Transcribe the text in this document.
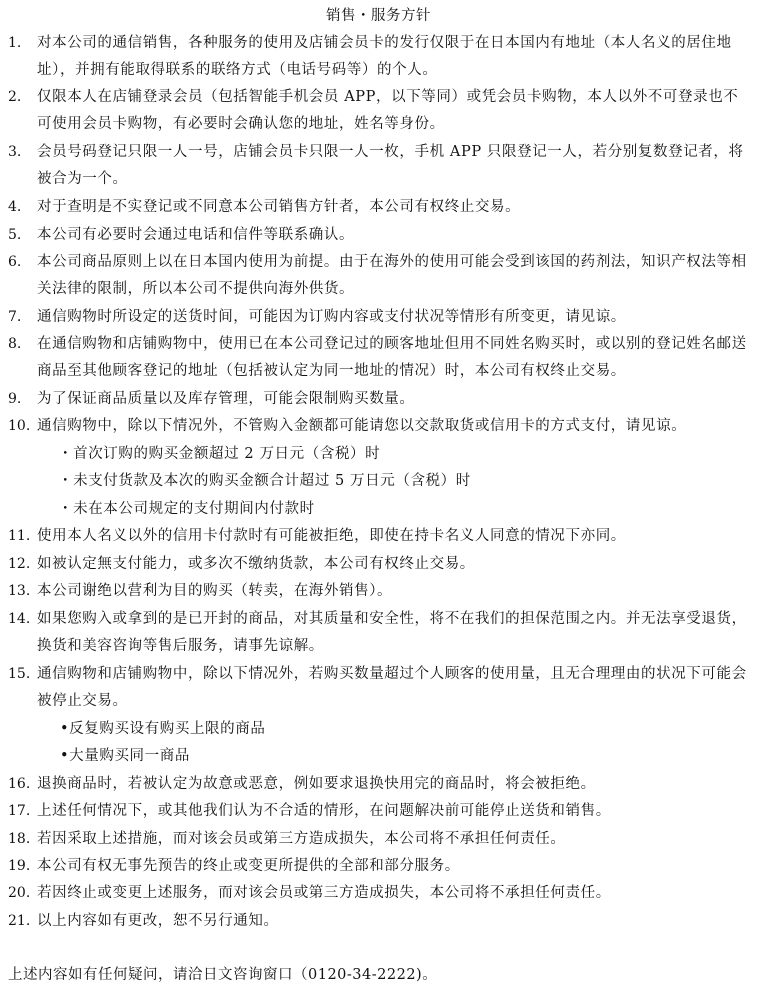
销售・服务方针
1.	对本公司的通信销售，各种服务的使用及店铺会员卡的发行仅限于在日本国内有地址（本人名义的居住地址），并拥有能取得联系的联络方式（电话号码等）的个人。
2.	仅限本人在店铺登录会员（包括智能手机会员 APP，以下等同）或凭会员卡购物，本人以外不可登录也不可使用会员卡购物，有必要时会确认您的地址，姓名等身份。
3.	会员号码登记只限一人一号，店铺会员卡只限一人一枚，手机 APP 只限登记一人，若分别复数登记者，将被合为一个。
4.	对于查明是不实登记或不同意本公司销售方针者，本公司有权终止交易。
5.	本公司有必要时会通过电话和信件等联系确认。
6.	本公司商品原则上以在日本国内使用为前提。由于在海外的使用可能会受到该国的药剂法，知识产权法等相关法律的限制，所以本公司不提供向海外供货。
7.	通信购物时所设定的送货时间，可能因为订购内容或支付状况等情形有所变更，请见谅。
8.	在通信购物和店铺购物中，使用已在本公司登记过的顾客地址但用不同姓名购买时，或以别的登记姓名邮送商品至其他顾客登记的地址（包括被认定为同一地址的情况）时，本公司有权终止交易。
9.	为了保证商品质量以及库存管理，可能会限制购买数量。
10. 通信购物中，除以下情况外，不管购入金额都可能请您以交款取货或信用卡的方式支付，请见谅。
・首次订购的购买金额超过 2 万日元（含税）时
・未支付货款及本次的购买金额合计超过 5 万日元（含税）时
・未在本公司规定的支付期间内付款时
11. 使用本人名义以外的信用卡付款时有可能被拒绝，即使在持卡名义人同意的情况下亦同。
12. 如被认定無支付能力，或多次不缴纳货款，本公司有权终止交易。
13. 本公司谢绝以营利为目的购买（转卖，在海外销售）。
14. 如果您购入或拿到的是已开封的商品，对其质量和安全性，将不在我们的担保范围之内。并无法享受退货，换货和美容咨询等售后服务，请事先谅解。
15. 通信购物和店铺购物中，除以下情况外，若购买数量超过个人顾客的使用量，且无合理理由的状况下可能会被停止交易。
•反复购买设有购买上限的商品
•大量购买同一商品
16. 退换商品时，若被认定为故意或恶意，例如要求退换快用完的商品时，将会被拒绝。
17. 上述任何情况下，或其他我们认为不合适的情形，在问题解决前可能停止送货和销售。
18. 若因采取上述措施，而对该会员或第三方造成损失，本公司将不承担任何责任。
19. 本公司有权无事先预告的终止或变更所提供的全部和部分服务。
20. 若因终止或变更上述服务，而对该会员或第三方造成损失，本公司将不承担任何责任。
21. 以上内容如有更改，恕不另行通知。
上述内容如有任何疑问，请洽日文咨询窗口（0120-34-2222)。
